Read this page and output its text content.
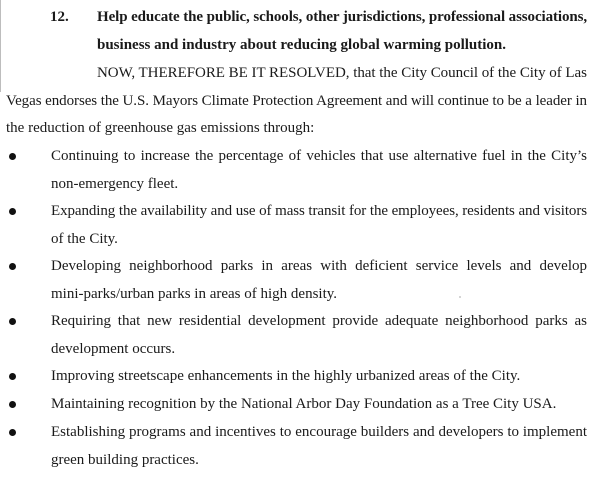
12. Help educate the public, schools, other jurisdictions, professional associations,
business and industry about reducing global warming pollution.
NOW, THEREFORE BE IT RESOLVED, that the City Council of the City of Las
Vegas endorses the U.S. Mayors Climate Protection Agreement and will continue to be a leader in
the reduction of greenhouse gas emissions through:
Continuing to increase the percentage of vehicles that use alternative fuel in the City’s
non-emergency fleet.
Expanding the availability and use of mass transit for the employees, residents and visitors
of the City.
Developing neighborhood parks in areas with deficient service levels and develop
mini-parks/urban parks in areas of high density.
Requiring that new residential development provide adequate neighborhood parks as
development occurs.
Improving streetscape enhancements in the highly urbanized areas of the City.
Maintaining recognition by the National Arbor Day Foundation as a Tree City USA.
Establishing programs and incentives to encourage builders and developers to implement
green building practices.
